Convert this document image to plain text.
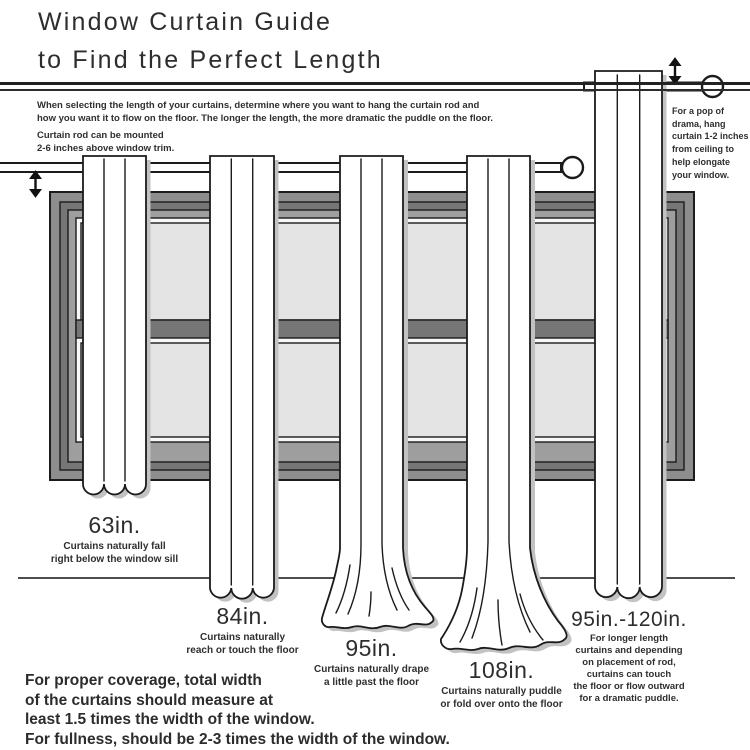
Window Curtain Guide
to Find the Perfect Length
When selecting the length of your curtains, determine where you want to hang the curtain rod and
how you want it to flow on the floor. The longer the length, the more dramatic the puddle on the floor.
Curtain rod can be mounted
2-6 inches above window trim.
For a pop of
drama, hang
curtain 1-2 inches
from ceiling to
help elongate
your window.
63in.
Curtains naturally fall
right below the window sill
84in.
Curtains naturally
reach or touch the floor	95in.
Curtains naturally drape
a little past the floor	108in.
Curtains naturally puddle
or fold over onto the floor
95in.-120in.
For longer length
curtains and depending
on placement of rod,
curtains can touch
the floor or flow outward
for a dramatic puddle.
For proper coverage, total width
of the curtains should measure at
least 1.5 times the width of the window.
For fullness, should be 2-3 times the width of the window.
